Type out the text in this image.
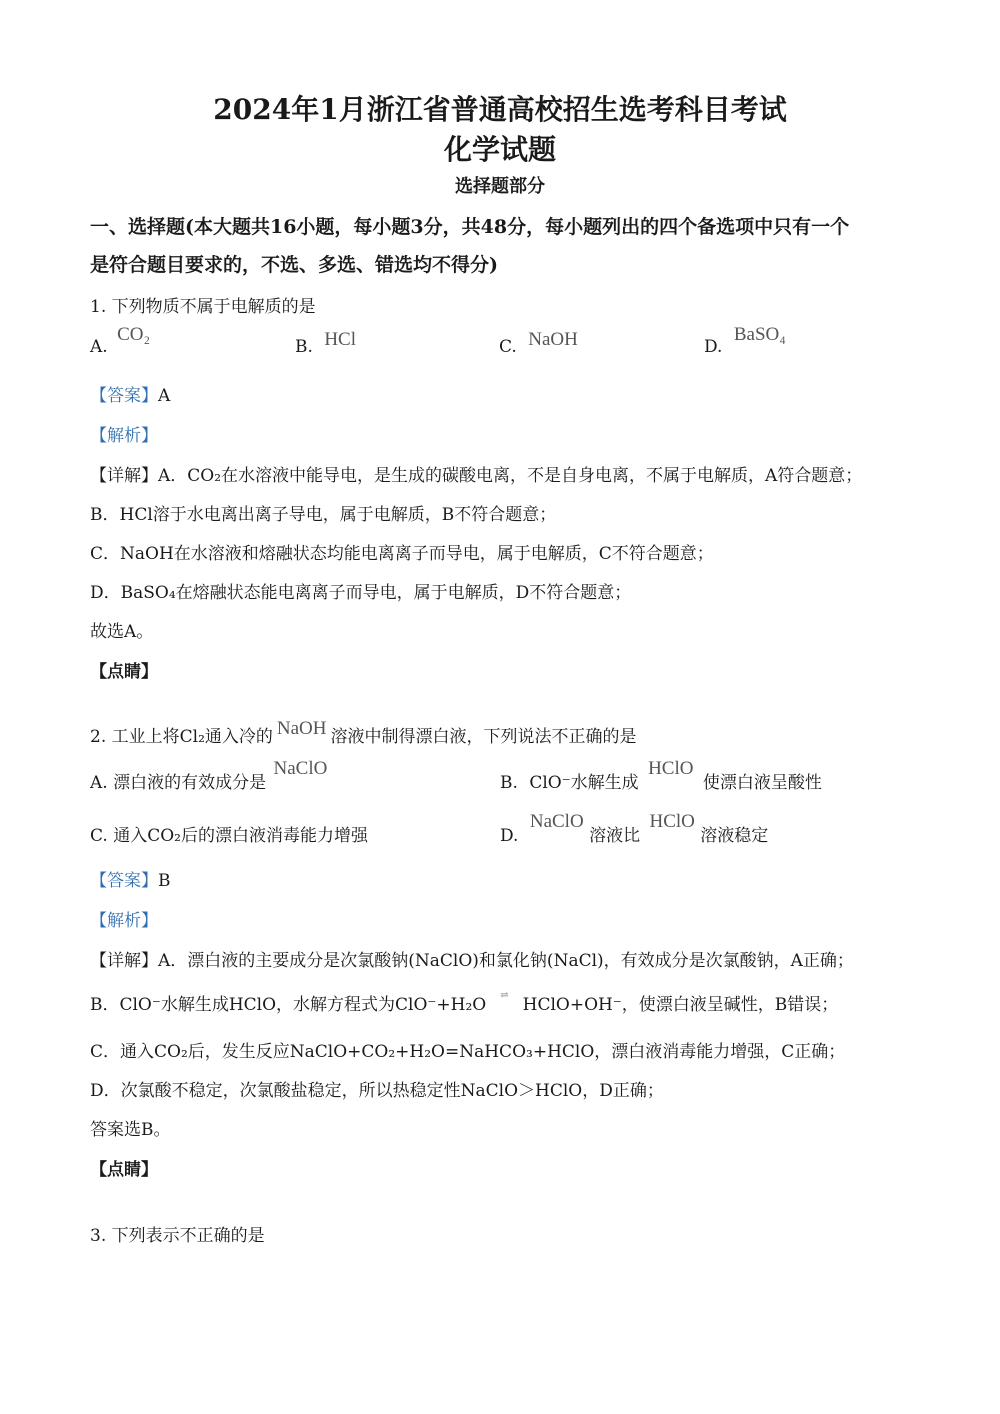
2024年1月浙江省普通高校招生选考科目考试
化学试题
选择题部分
一、选择题(本大题共16小题，每小题3分，共48分，每小题列出的四个备选项中只有一个
是符合题目要求的，不选、多选、错选均不得分)
1. 下列物质不属于电解质的是
A. CO₂
B. HCl	C. NaOH	D. BaSO₄
【答案】A
【解析】
【详解】A．CO₂在水溶液中能导电，是生成的碳酸电离，不是自身电离，不属于电解质，A符合题意；
B．HCl溶于水电离出离子导电，属于电解质，B不符合题意；
C．NaOH在水溶液和熔融状态均能电离离子而导电，属于电解质，C不符合题意；
D．BaSO₄在熔融状态能电离离子而导电，属于电解质，D不符合题意；
故选A。
【点睛】
2. 工业上将Cl₂通入冷的 NaOH 溶液中制得漂白液，下列说法不正确的是
A. 漂白液的有效成分是 NaClO
B. ClO⁻水解生成 HClO 使漂白液呈酸性
C. 通入CO₂后的漂白液消毒能力增强	D. NaClO 溶液比 HClO 溶液稳定
【答案】B
【解析】
【详解】A．漂白液的主要成分是次氯酸钠(NaClO)和氯化钠(NaCl)，有效成分是次氯酸钠，A正确；
B．ClO⁻水解生成HClO，水解方程式为ClO⁻+H₂O ⇌ HClO+OH⁻，使漂白液呈碱性，B错误；
C．通入CO₂后，发生反应NaClO+CO₂+H₂O=NaHCO₃+HClO，漂白液消毒能力增强，C正确；
D．次氯酸不稳定，次氯酸盐稳定，所以热稳定性NaClO＞HClO，D正确；
答案选B。
【点睛】
3. 下列表示不正确的是
